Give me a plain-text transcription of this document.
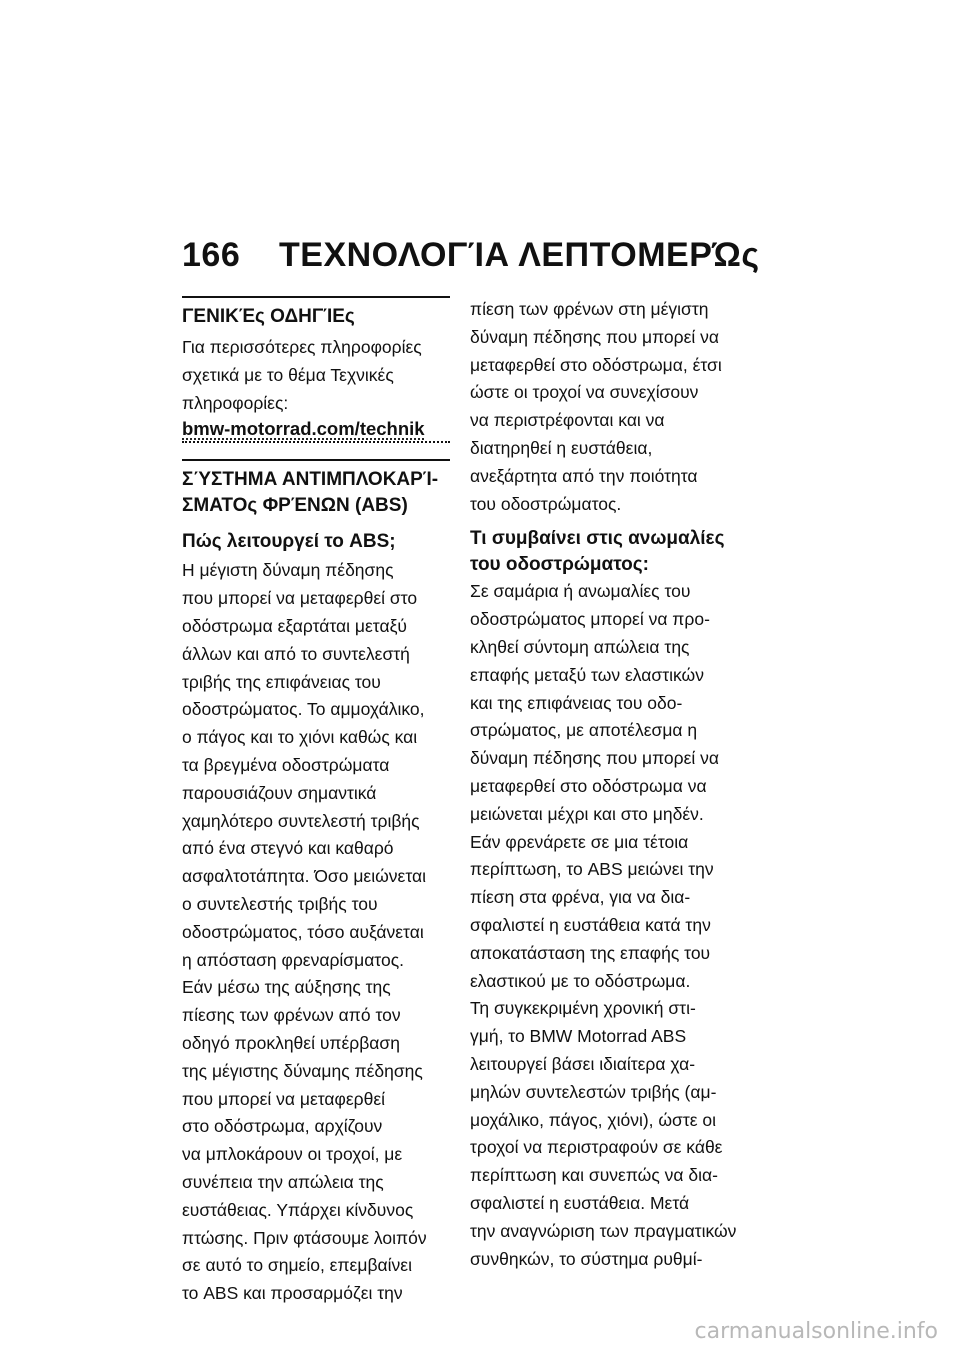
166 ΤΕΧΝΟΛΟΓΊΑ ΛΕΠΤΟΜΕΡΏς
ΓΕΝΙΚΈς ΟΔΗΓΊΕς
Για περισσότερες πληροφορίες
σχετικά με το θέμα Τεχνικές
πληροφορίες:
bmw-motorrad.com/technik
ΣΎΣΤΗΜΑ ΑΝΤΙΜΠΛΟΚΑΡΊ-
ΣΜΑΤΟς ΦΡΈΝΩΝ (ABS)
Πώς λειτουργεί το ABS;
Η μέγιστη δύναμη πέδησης
που μπορεί να μεταφερθεί στο
οδόστρωμα εξαρτάται μεταξύ
άλλων και από το συντελεστή
τριβής της επιφάνειας του
οδοστρώματος. Το αμμοχάλικο,
ο πάγος και το χιόνι καθώς και
τα βρεγμένα οδοστρώματα
παρουσιάζουν σημαντικά
χαμηλότερο συντελεστή τριβής
από ένα στεγνό και καθαρό
ασφαλτοτάπητα. Όσο μειώνεται
ο συντελεστής τριβής του
οδοστρώματος, τόσο αυξάνεται
η απόσταση φρεναρίσματος.
Εάν μέσω της αύξησης της
πίεσης των φρένων από τον
οδηγό προκληθεί υπέρβαση
της μέγιστης δύναμης πέδησης
που μπορεί να μεταφερθεί
στο οδόστρωμα, αρχίζουν
να μπλοκάρουν οι τροχοί, με
συνέπεια την απώλεια της
ευστάθειας. Υπάρχει κίνδυνος
πτώσης. Πριν φτάσουμε λοιπόν
σε αυτό το σημείο, επεμβαίνει
το ABS και προσαρμόζει την
πίεση των φρένων στη μέγιστη
δύναμη πέδησης που μπορεί να
μεταφερθεί στο οδόστρωμα, έτσι
ώστε οι τροχοί να συνεχίσουν
να περιστρέφονται και να
διατηρηθεί η ευστάθεια,
ανεξάρτητα από την ποιότητα
του οδοστρώματος.
Τι συμβαίνει στις ανωμαλίες
του οδοστρώματος:
Σε σαμάρια ή ανωμαλίες του
οδοστρώματος μπορεί να προ-
κληθεί σύντομη απώλεια της
επαφής μεταξύ των ελαστικών
και της επιφάνειας του οδο-
στρώματος, με αποτέλεσμα η
δύναμη πέδησης που μπορεί να
μεταφερθεί στο οδόστρωμα να
μειώνεται μέχρι και στο μηδέν.
Εάν φρενάρετε σε μια τέτοια
περίπτωση, το ABS μειώνει την
πίεση στα φρένα, για να δια-
σφαλιστεί η ευστάθεια κατά την
αποκατάσταση της επαφής του
ελαστικού με το οδόστρωμα.
Τη συγκεκριμένη χρονική στι-
γμή, το BMW Motorrad ABS
λειτουργεί βάσει ιδιαίτερα χα-
μηλών συντελεστών τριβής (αμ-
μοχάλικο, πάγος, χιόνι), ώστε οι
τροχοί να περιστραφούν σε κάθε
περίπτωση και συνεπώς να δια-
σφαλιστεί η ευστάθεια. Μετά
την αναγνώριση των πραγματικών
συνθηκών, το σύστημα ρυθμί-
carmanualsonline.info
